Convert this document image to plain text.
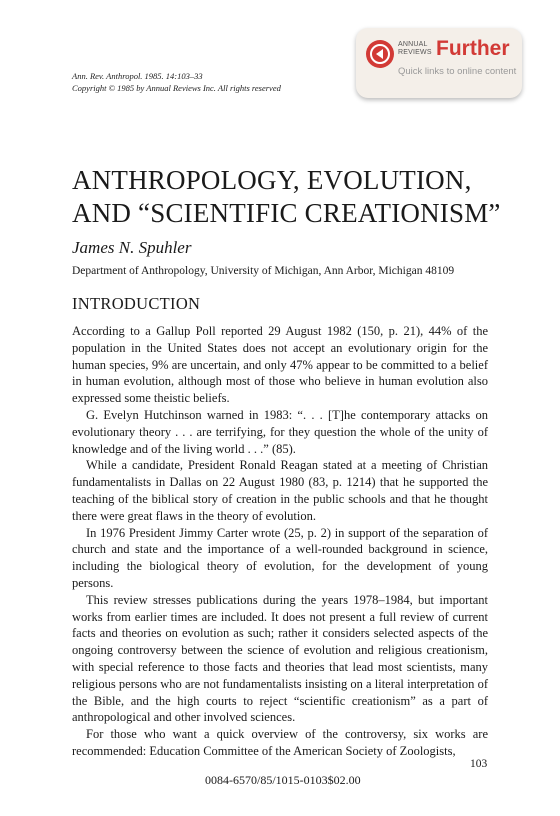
Ann. Rev. Anthropol. 1985. 14:103–33
Copyright © 1985 by Annual Reviews Inc. All rights reserved
ANNUAL
REVIEWS Further
Quick links to online content
ANTHROPOLOGY, EVOLUTION,
AND “SCIENTIFIC CREATIONISM”
James N. Spuhler
Department of Anthropology, University of Michigan, Ann Arbor, Michigan 48109
INTRODUCTION

According to a Gallup Poll reported 29 August 1982 (150, p. 21), 44% of the population in the United States does not accept an evolutionary origin for the human species, 9% are uncertain, and only 47% appear to be committed to a belief in human evolution, although most of those who believe in human evolution also expressed some theistic beliefs.

G. Evelyn Hutchinson warned in 1983: “. . . [T]he contemporary attacks on evolutionary theory . . . are terrifying, for they question the whole of the unity of knowledge and of the living world . . .” (85).

While a candidate, President Ronald Reagan stated at a meeting of Christian fundamentalists in Dallas on 22 August 1980 (83, p. 1214) that he supported the teaching of the biblical story of creation in the public schools and that he thought there were great flaws in the theory of evolution.

In 1976 President Jimmy Carter wrote (25, p. 2) in support of the separation of church and state and the importance of a well-rounded background in science, including the biological theory of evolution, for the development of young persons.

This review stresses publications during the years 1978–1984, but important works from earlier times are included. It does not present a full review of current facts and theories on evolution as such; rather it considers selected aspects of the ongoing controversy between the science of evolution and religious creationism, with special reference to those facts and theories that lead most scientists, many religious persons who are not fundamentalists insisting on a literal interpretation of the Bible, and the high courts to reject “scientific creationism” as a part of anthropological and other involved sciences.

For those who want a quick overview of the controversy, six works are recommended: Education Committee of the American Society of Zoologists,

103
0084-6570/85/1015-0103$02.00
